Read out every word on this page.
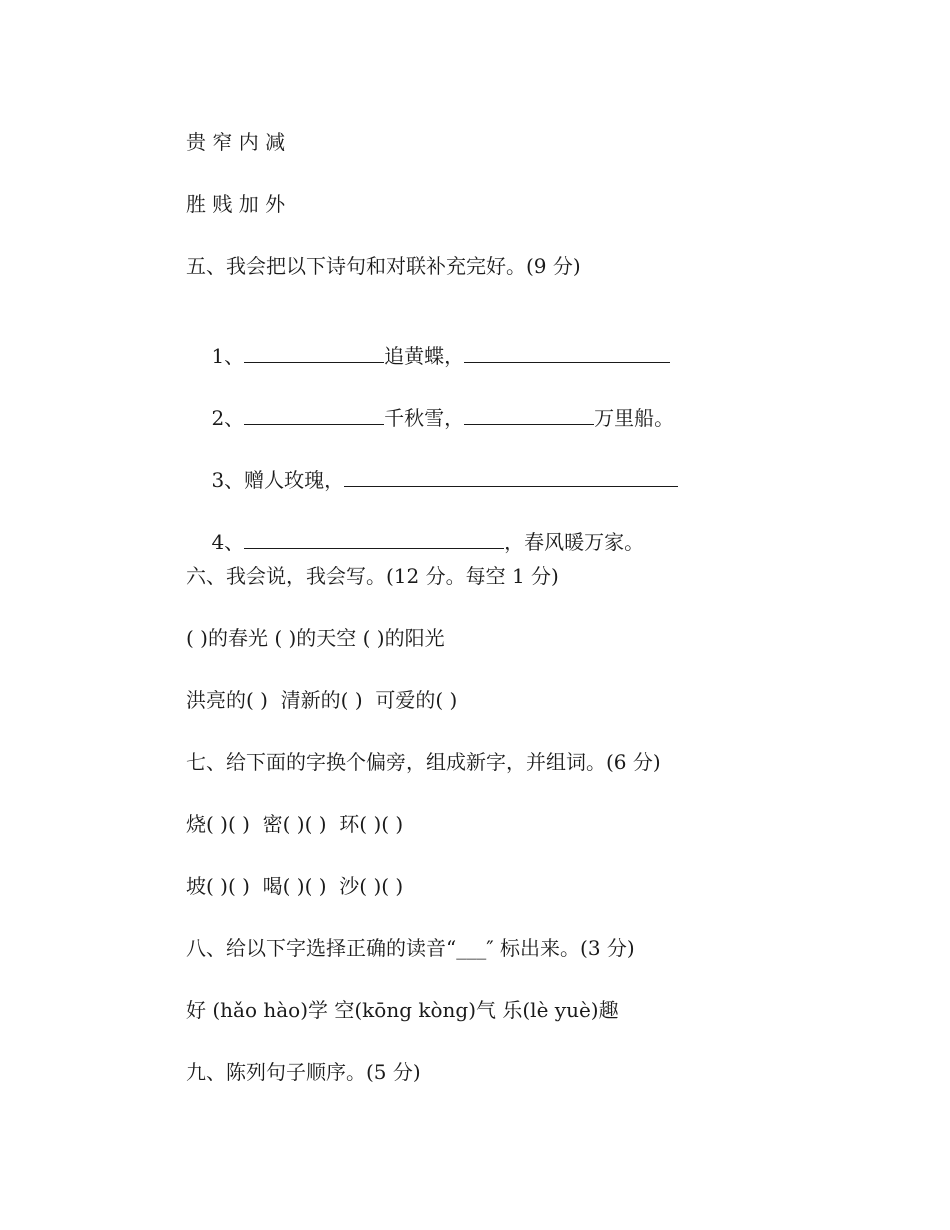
贵 窄 内 减
胜 贱 加 外
五、我会把以下诗句和对联补充完好。(9 分)

1、	追黄蝶，

2、	千秋雪，	万里船。

3、赠人玫瑰，

4、	，春风暖万家。

六、我会说，我会写。(12 分。每空 1 分)
( )的春光 ( )的天空 ( )的阳光
洪亮的( )  清新的( )  可爱的( )
七、给下面的字换个偏旁，组成新字，并组词。(6 分)
烧( )( )  密( )( )  环( )( )
坡( )( )  喝( )( )  沙( )( )
八、给以下字选择正确的读音“___″ 标出来。(3 分)
好 (hǎo hào)学 空(kōng kòng)气 乐(lè yuè)趣
九、陈列句子顺序。(5 分)
